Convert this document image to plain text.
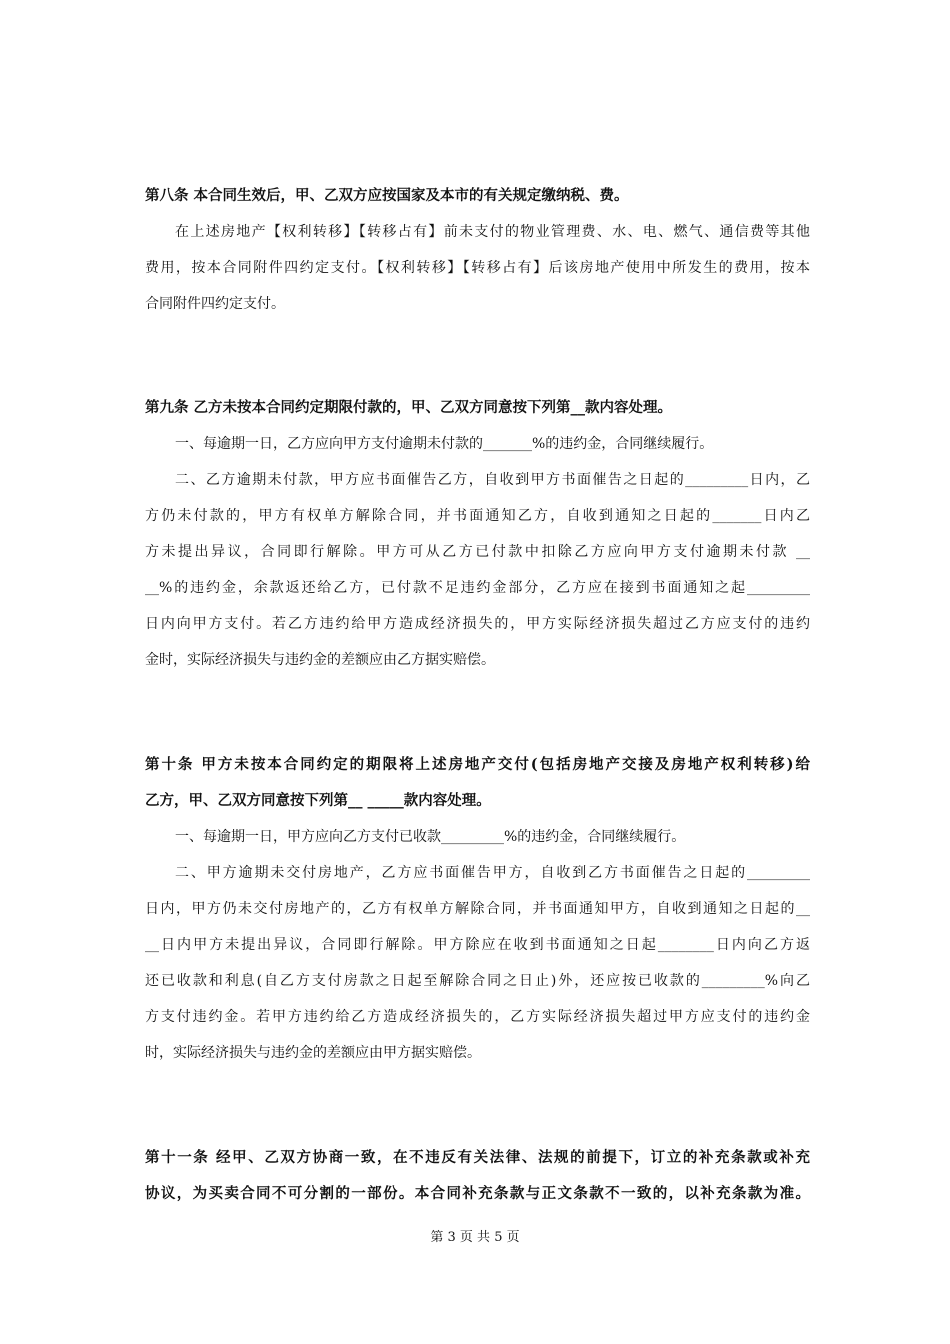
第八条 本合同生效后，甲、乙双方应按国家及本市的有关规定缴纳税、费。
在上述房地产【权利转移】【转移占有】前未支付的物业管理费、水、电、燃气、通信费等其他
费用，按本合同附件四约定支付。【权利转移】【转移占有】后该房地产使用中所发生的费用，按本
合同附件四约定支付。
第九条 乙方未按本合同约定期限付款的，甲、乙双方同意按下列第__款内容处理。
一、每逾期一日，乙方应向甲方支付逾期未付款的_______%的违约金，合同继续履行。
二、乙方逾期未付款，甲方应书面催告乙方，自收到甲方书面催告之日起的_________日内，乙
方仍未付款的，甲方有权单方解除合同，并书面通知乙方，自收到通知之日起的_______日内乙
方未提出异议，合同即行解除。甲方可从乙方已付款中扣除乙方应向甲方支付逾期未付款 __
__%的违约金，余款返还给乙方，已付款不足违约金部分，乙方应在接到书面通知之起_________
日内向甲方支付。若乙方违约给甲方造成经济损失的，甲方实际经济损失超过乙方应支付的违约
金时，实际经济损失与违约金的差额应由乙方据实赔偿。
第十条 甲方未按本合同约定的期限将上述房地产交付(包括房地产交接及房地产权利转移)给
乙方，甲、乙双方同意按下列第__ _____款内容处理。
一、每逾期一日，甲方应向乙方支付已收款_________%的违约金，合同继续履行。
二、甲方逾期未交付房地产，乙方应书面催告甲方，自收到乙方书面催告之日起的_________
日内，甲方仍未交付房地产的，乙方有权单方解除合同，并书面通知甲方，自收到通知之日起的__
__日内甲方未提出异议，合同即行解除。甲方除应在收到书面通知之日起________日内向乙方返
还已收款和利息(自乙方支付房款之日起至解除合同之日止)外，还应按已收款的_________%向乙
方支付违约金。若甲方违约给乙方造成经济损失的，乙方实际经济损失超过甲方应支付的违约金
时，实际经济损失与违约金的差额应由甲方据实赔偿。
第十一条 经甲、乙双方协商一致，在不违反有关法律、法规的前提下，订立的补充条款或补充
协议，为买卖合同不可分割的一部份。本合同补充条款与正文条款不一致的，以补充条款为准。
第 3 页 共 5 页
